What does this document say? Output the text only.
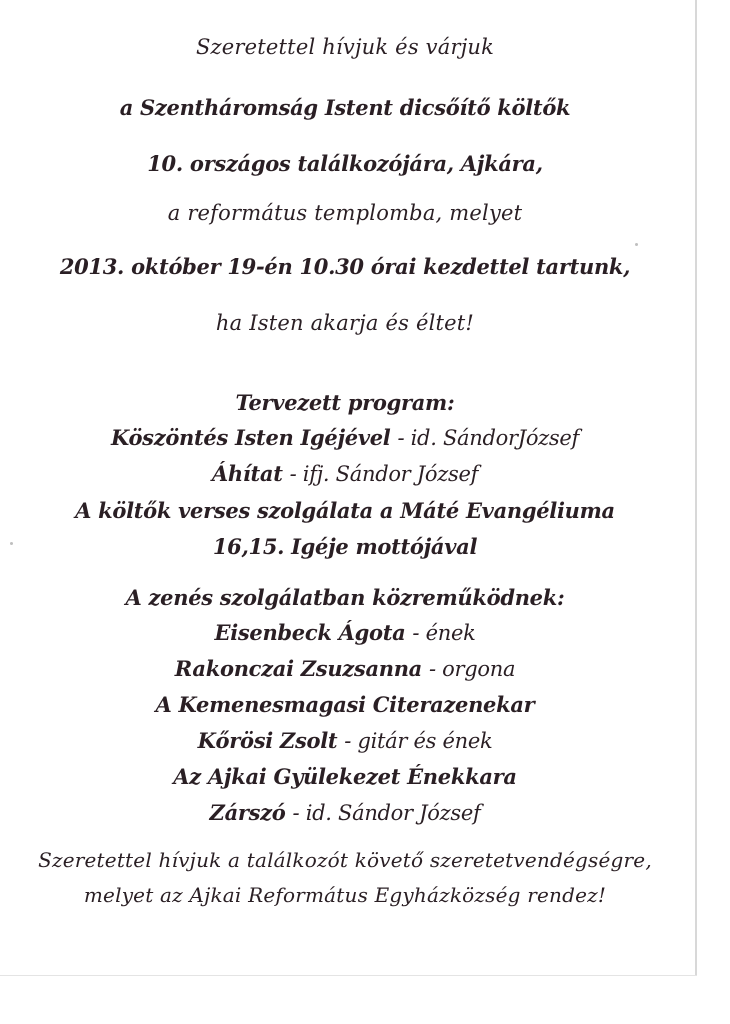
Szeretettel hívjuk és várjuk
a Szentháromság Istent dicsőítő költők
10. országos találkozójára, Ajkára,
a református templomba, melyet
2013. október 19-én 10.30 órai kezdettel tartunk,
ha Isten akarja és éltet!
Tervezett program:
Köszöntés Isten Igéjével - id. SándorJózsef
Áhítat - ifj. Sándor József
A költők verses szolgálata a Máté Evangéliuma
16,15. Igéje mottójával
A zenés szolgálatban közreműködnek:
Eisenbeck Ágota - ének
Rakonczai Zsuzsanna - orgona
A Kemenesmagasi Citerazenekar
Kőrösi Zsolt - gitár és ének
Az Ajkai Gyülekezet Énekkara
Zárszó - id. Sándor József
Szeretettel hívjuk a találkozót követő szeretetvendégségre,
melyet az Ajkai Református Egyházközség rendez!
